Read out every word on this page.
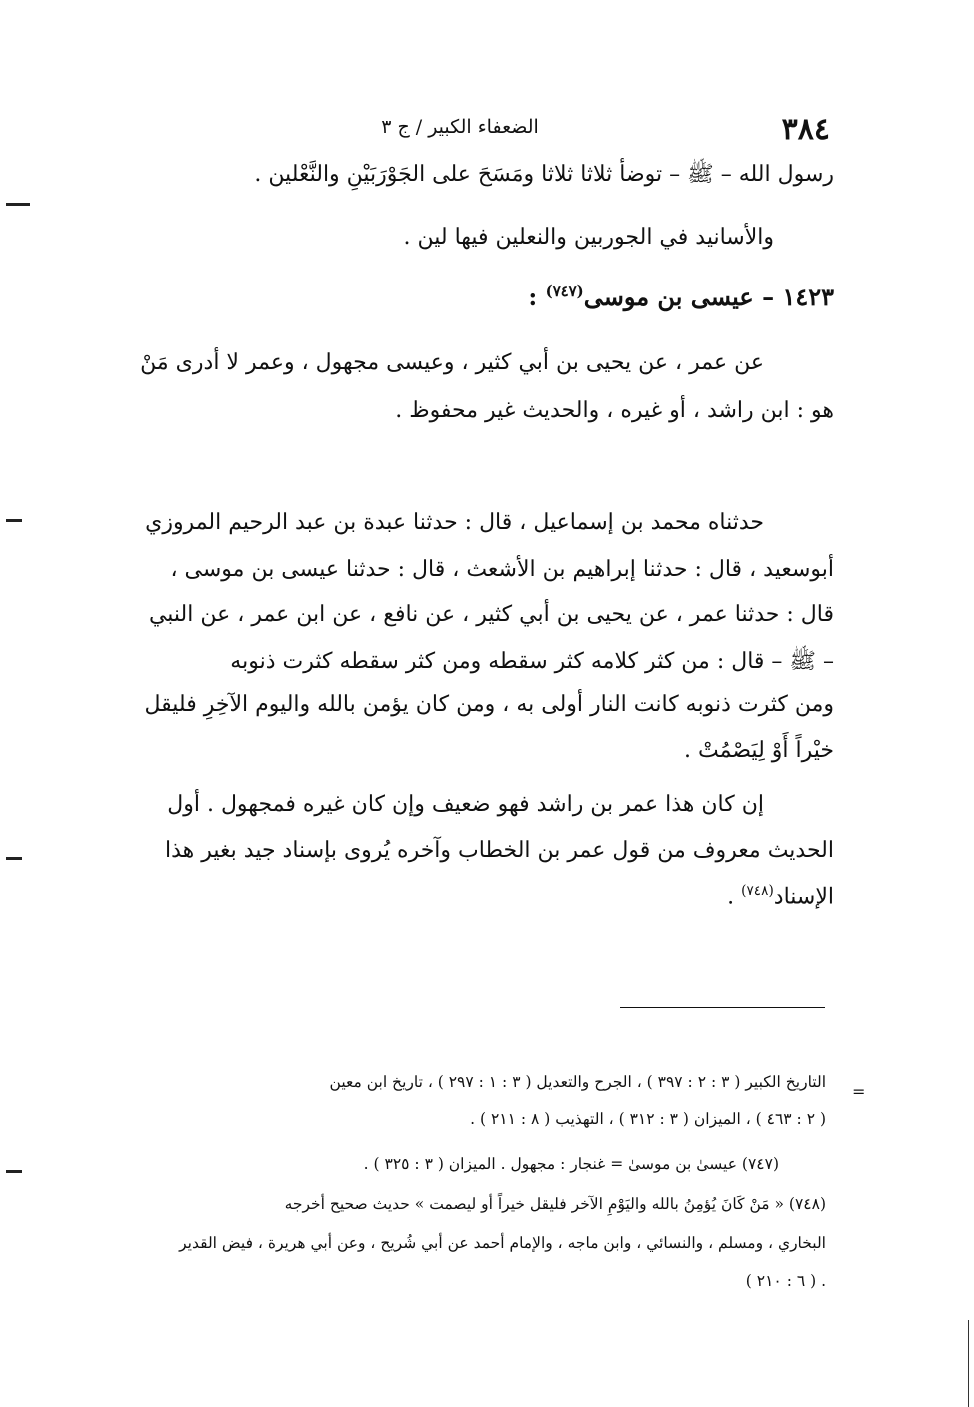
٣٨٤
الضعفاء الكبير / ج ٣
رسول الله – ﷺ – توضأ ثلاثا ثلاثا ومَسَحَ على الجَوْرَبَيْنِ والنَّعْلين .
والأسانيد في الجوربين والنعلين فيها لين .
١٤٢٣ – عيسى بن موسى$^{(٧٤٧)}$ :
عن عمر ، عن يحيى بن أبي كثير ، وعيسى مجهول ، وعمر لا أدرى مَنْ
هو : ابن راشد ، أو غيره ، والحديث غير محفوظ .
حدثناه محمد بن إسماعيل ، قال : حدثنا عبدة بن عبد الرحيم المروزي
أبوسعيد ، قال : حدثنا إبراهيم بن الأشعث ، قال : حدثنا عيسى بن موسى ،
قال : حدثنا عمر ، عن يحيى بن أبي كثير ، عن نافع ، عن ابن عمر ، عن النبي
– ﷺ – قال : من كثر كلامه كثر سقطه ومن كثر سقطه كثرت ذنوبه
ومن كثرت ذنوبه كانت النار أولى به ، ومن كان يؤمن بالله واليوم الآخِرِ فليقل
خيْراً أَوْ لِيَصْمُتْ .
إن كان هذا عمر بن راشد فهو ضعيف وإن كان غيره فمجهول . أول
الحديث معروف من قول عمر بن الخطاب وآخره يُروى بإسناد جيد بغير هذا
الإسناد$^{(٧٤٨)}$ .
=
التاريخ الكبير ( ٣ : ٢ : ٣٩٧ ) ، الجرح والتعديل ( ٣ : ١ : ٢٩٧ ) ، تاريخ ابن معين
( ٢ : ٤٦٣ ) ، الميزان ( ٣ : ٣١٢ ) ، التهذيب ( ٨ : ٢١١ ) .
(٧٤٧) عيسىٰ بن موسىٰ = غنجار : مجهول . الميزان ( ٣ : ٣٢٥ ) .
(٧٤٨) « مَنْ كَانَ يُؤمِنُ بالله واليَوْمِ الآخر فليقل خيراً أو ليصمت » حديث صحيح أخرجه
البخاري ، ومسلم ، والنسائي ، وابن ماجه ، والإمام أحمد عن أبي شُريح ، وعن أبي هريرة ، فيض القدير
. ( ٦ : ٢١٠ )
